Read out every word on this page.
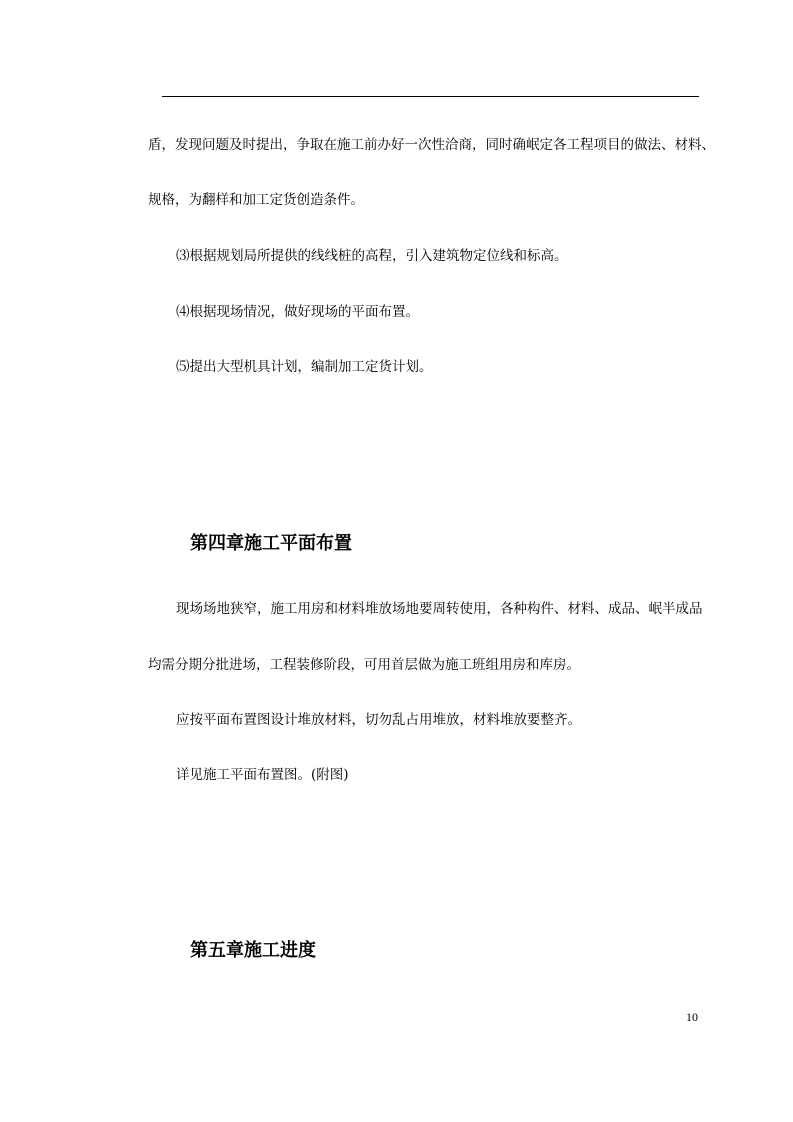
盾，发现问题及时提出，争取在施工前办好一次性洽商，同时确岷定各工程项目的做法、材料、
规格，为翻样和加工定货创造条件。
⑶根据规划局所提供的线线桩的高程，引入建筑物定位线和标高。
⑷根据现场情况，做好现场的平面布置。
⑸提出大型机具计划，编制加工定货计划。
第四章施工平面布置
现场场地狭窄，施工用房和材料堆放场地要周转使用，各种构件、材料、成品、岷半成品
均需分期分批进场，工程装修阶段，可用首层做为施工班组用房和库房。
应按平面布置图设计堆放材料，切勿乱占用堆放，材料堆放要整齐。
详见施工平面布置图。(附图)
第五章施工进度
10
